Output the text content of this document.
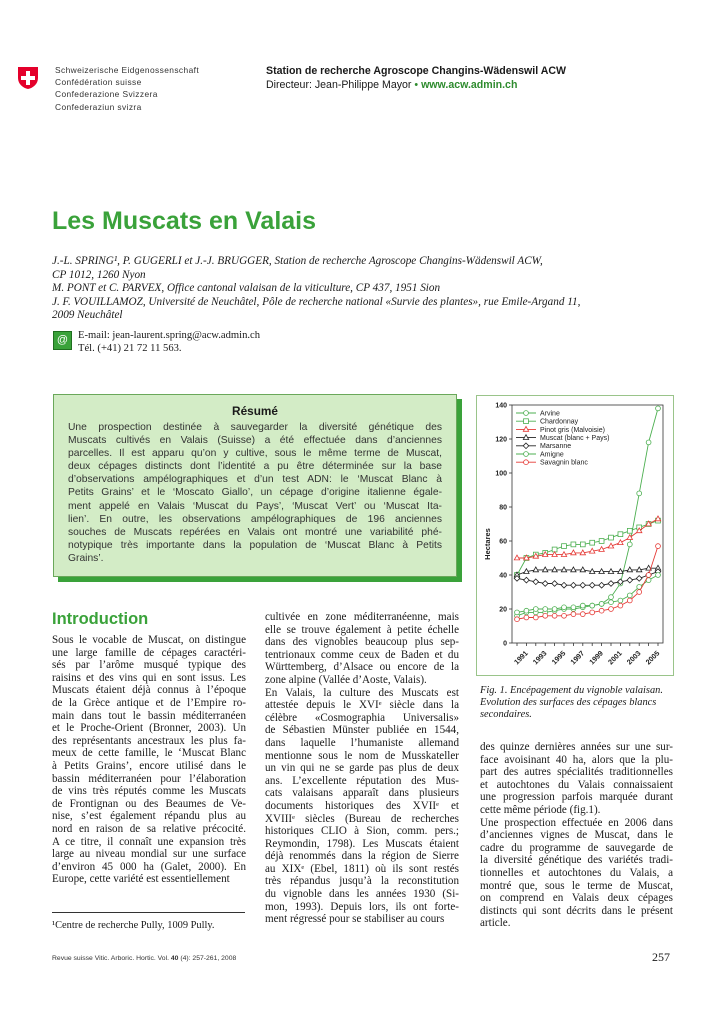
Schweizerische Eidgenossenschaft
Confédération suisse
Confederazione Svizzera
Confederaziun svizra
Station de recherche Agroscope Changins-Wädenswil ACW
Directeur: Jean-Philippe Mayor • www.acw.admin.ch
Les Muscats en Valais
J.-L. SPRING¹, P. GUGERLI et J.-J. BRUGGER, Station de recherche Agroscope Changins-Wädenswil ACW,
CP 1012, 1260 Nyon
M. PONT et C. PARVEX, Office cantonal valaisan de la viticulture, CP 437, 1951 Sion
J. F. VOUILLAMOZ, Université de Neuchâtel, Pôle de recherche national «Survie des plantes», rue Emile-Argand 11,
2009 Neuchâtel
@ E-mail: jean-laurent.spring@acw.admin.ch
Tél. (+41) 21 72 11 563.
Résumé
Une prospection destinée à sauvegarder la diversité génétique des
Muscats cultivés en Valais (Suisse) a été effectuée dans d’anciennes
parcelles. Il est apparu qu’on y cultive, sous le même terme de Muscat,
deux cépages distincts dont l’identité a pu être déterminée sur la base
d’observations ampélographiques et d’un test ADN: le ‘Muscat Blanc à
Petits Grains’ et le ‘Moscato Giallo’, un cépage d’origine italienne égale-
ment appelé en Valais ‘Muscat du Pays’, ‘Muscat Vert’ ou ‘Muscat Ita-
lien’. En outre, les observations ampélographiques de 196 anciennes
souches de Muscats repérées en Valais ont montré une variabilité phé-
notypique très importante dans la population de ‘Muscat Blanc à Petits
Grains’.
0
20
40
60
80
100
120
140
Hectares
1991 1993 1995 1997 1999 2001 2003 2005
Arvine
Chardonnay
Pinot gris (Malvoisie)
Muscat (blanc + Pays)
Marsanne
Amigne
Savagnin blanc
Fig. 1. Encépagement du vignoble valaisan.
Evolution des surfaces des cépages blancs
secondaires.
Introduction
Sous le vocable de Muscat, on distingue
une large famille de cépages caractéri-
sés par l’arôme musqué typique des
raisins et des vins qui en sont issus. Les
Muscats étaient déjà connus à l’époque
de la Grèce antique et de l’Empire ro-
main dans tout le bassin méditerranéen
et le Proche-Orient (Bronner, 2003). Un
des représentants ancestraux les plus fa-
meux de cette famille, le ‘Muscat Blanc
à Petits Grains’, encore utilisé dans le
bassin méditerranéen pour l’élaboration
de vins très réputés comme les Muscats
de Frontignan ou des Beaumes de Ve-
nise, s’est également répandu plus au
nord en raison de sa relative précocité.
A ce titre, il connaît une expansion très
large au niveau mondial sur une surface
d’environ 45 000 ha (Galet, 2000). En
Europe, cette variété est essentiellement
cultivée en zone méditerranéenne, mais
elle se trouve également à petite échelle
dans des vignobles beaucoup plus sep-
tentrionaux comme ceux de Baden et du
Württemberg, d’Alsace ou encore de la
zone alpine (Vallée d’Aoste, Valais).
En Valais, la culture des Muscats est
attestée depuis le XVIᵉ siècle dans la
célèbre «Cosmographia Universalis»
de Sébastien Münster publiée en 1544,
dans laquelle l’humaniste allemand
mentionne sous le nom de Musskateller
un vin qui ne se garde pas plus de deux
ans. L’excellente réputation des Mus-
cats valaisans apparaît dans plusieurs
documents historiques des XVIIᵉ et
XVIIIᵉ siècles (Bureau de recherches
historiques CLIO à Sion, comm. pers.;
Reymondin, 1798). Les Muscats étaient
déjà renommés dans la région de Sierre
au XIXᵉ (Ebel, 1811) où ils sont restés
très répandus jusqu’à la reconstitution
du vignoble dans les années 1930 (Si-
mon, 1993). Depuis lors, ils ont forte-
ment régressé pour se stabiliser au cours
des quinze dernières années sur une sur-
face avoisinant 40 ha, alors que la plu-
part des autres spécialités traditionnelles
et autochtones du Valais connaissaient
une progression parfois marquée durant
cette même période (fig.1).
Une prospection effectuée en 2006 dans
d’anciennes vignes de Muscat, dans le
cadre du programme de sauvegarde de
la diversité génétique des variétés tradi-
tionnelles et autochtones du Valais, a
montré que, sous le terme de Muscat,
on comprend en Valais deux cépages
distincts qui sont décrits dans le présent
article.
¹Centre de recherche Pully, 1009 Pully.
Revue suisse Vitic. Arboric. Hortic. Vol. 40 (4): 257-261, 2008	257
